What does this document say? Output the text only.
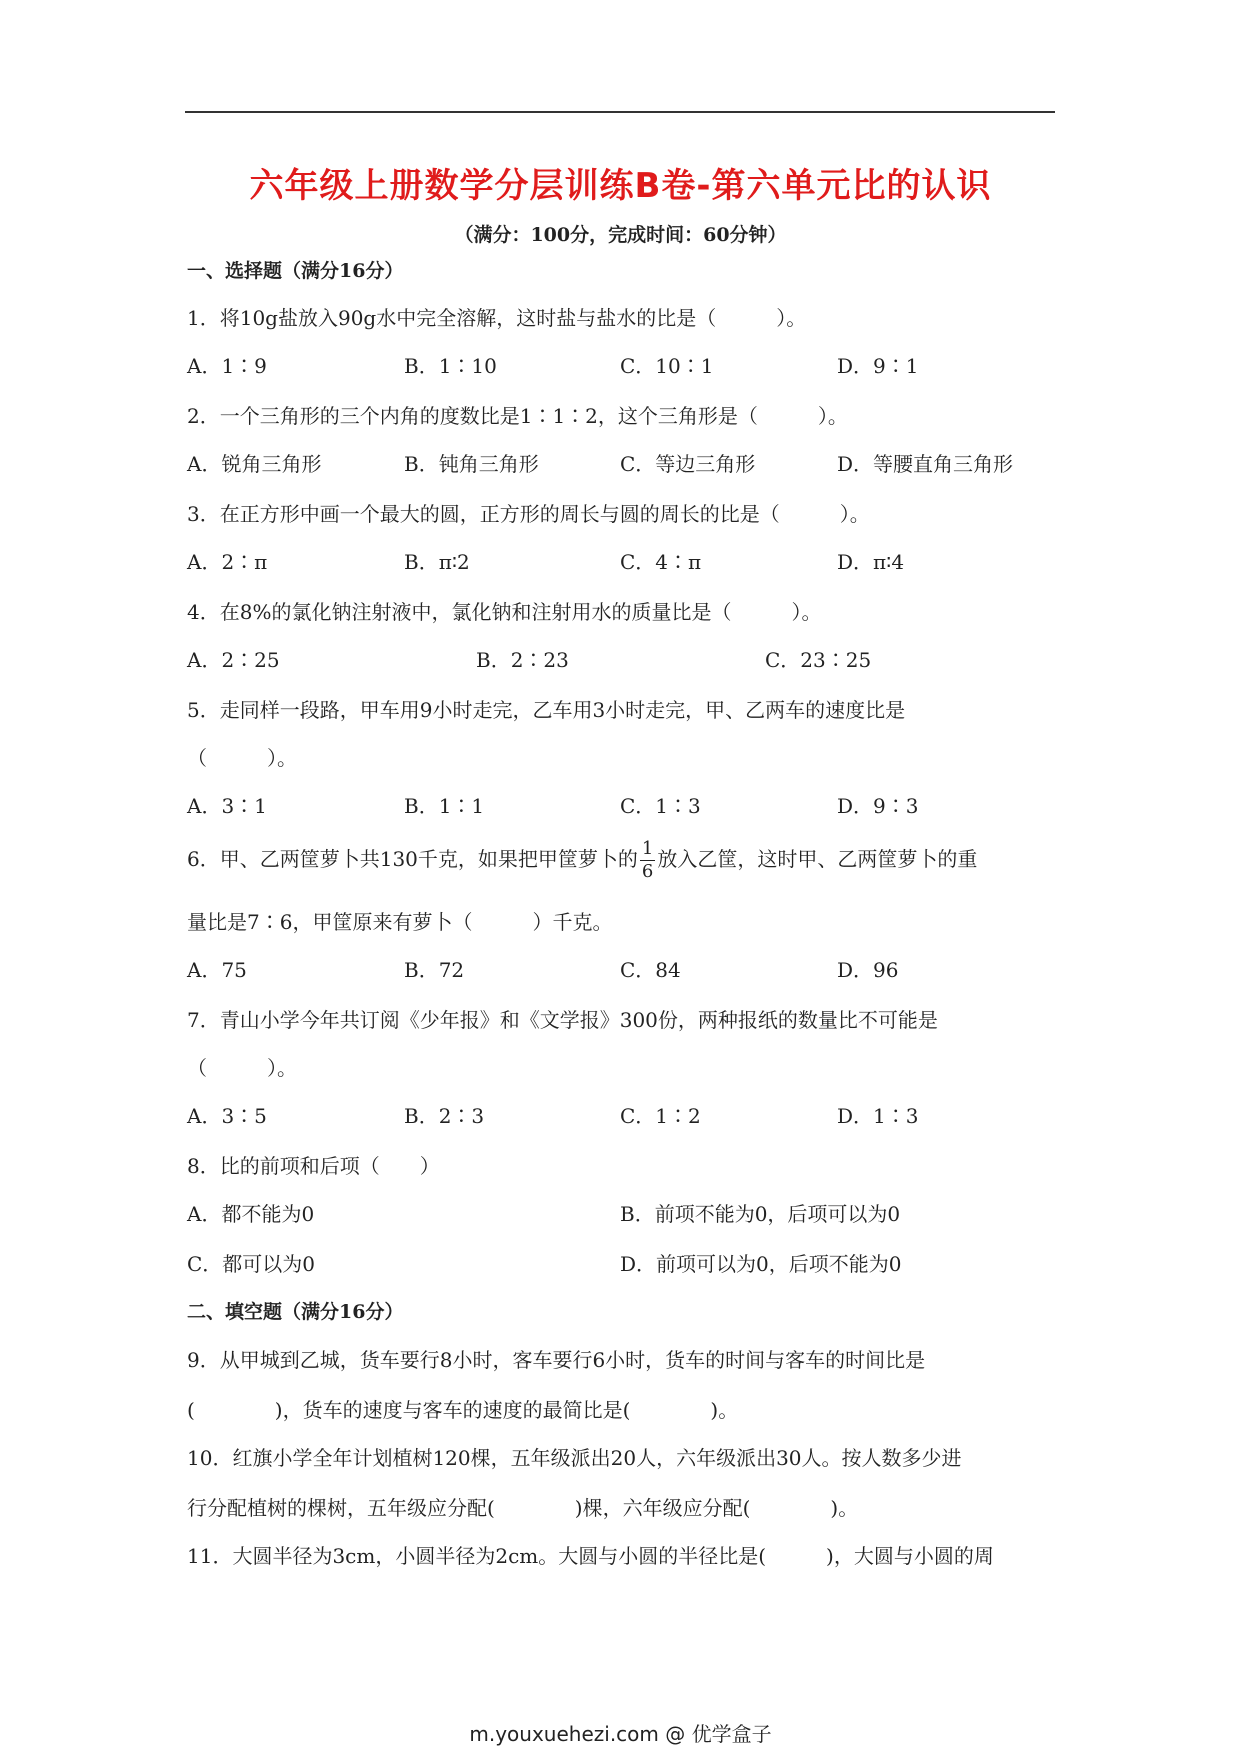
六年级上册数学分层训练B卷-第六单元比的认识
（满分：100分，完成时间：60分钟）
一、选择题（满分16分）
1．将10g盐放入90g水中完全溶解，这时盐与盐水的比是（　　　）。
A．1∶9	B．1∶10	C．10∶1	D．9∶1
2．一个三角形的三个内角的度数比是1∶1∶2，这个三角形是（　　　）。
A．锐角三角形	B．钝角三角形	C．等边三角形	D．等腰直角三角形
3．在正方形中画一个最大的圆，正方形的周长与圆的周长的比是（　　　）。
A．2∶π	B．π∶2	C．4∶π	D．π∶4
4．在8%的氯化钠注射液中，氯化钠和注射用水的质量比是（　　　）。
A．2∶25	B．2∶23	C．23∶25
5．走同样一段路，甲车用9小时走完，乙车用3小时走完，甲、乙两车的速度比是
（　　　）。
A．3∶1	B．1∶1	C．1∶3	D．9∶3
6．甲、乙两筐萝卜共130千克，如果把甲筐萝卜的 $\frac{1}{6}$ 放入乙筐，这时甲、乙两筐萝卜的重
量比是7∶6，甲筐原来有萝卜（　　　）千克。
A．75	B．72	C．84	D．96
7．青山小学今年共订阅《少年报》和《文学报》300份，两种报纸的数量比不可能是
（　　　）。
A．3∶5	B．2∶3	C．1∶2	D．1∶3
8．比的前项和后项（　　）
A．都不能为0	B．前项不能为0，后项可以为0
C．都可以为0	D．前项可以为0，后项不能为0
二、填空题（满分16分）
9．从甲城到乙城，货车要行8小时，客车要行6小时，货车的时间与客车的时间比是
(　　　　)，货车的速度与客车的速度的最简比是(　　　　)。
10．红旗小学全年计划植树120棵，五年级派出20人，六年级派出30人。按人数多少进
行分配植树的棵树，五年级应分配(　　　　)棵，六年级应分配(　　　　)。
11．大圆半径为3cm，小圆半径为2cm。大圆与小圆的半径比是(　　　)，大圆与小圆的周
m.youxuehezi.com @ 优学盒子
